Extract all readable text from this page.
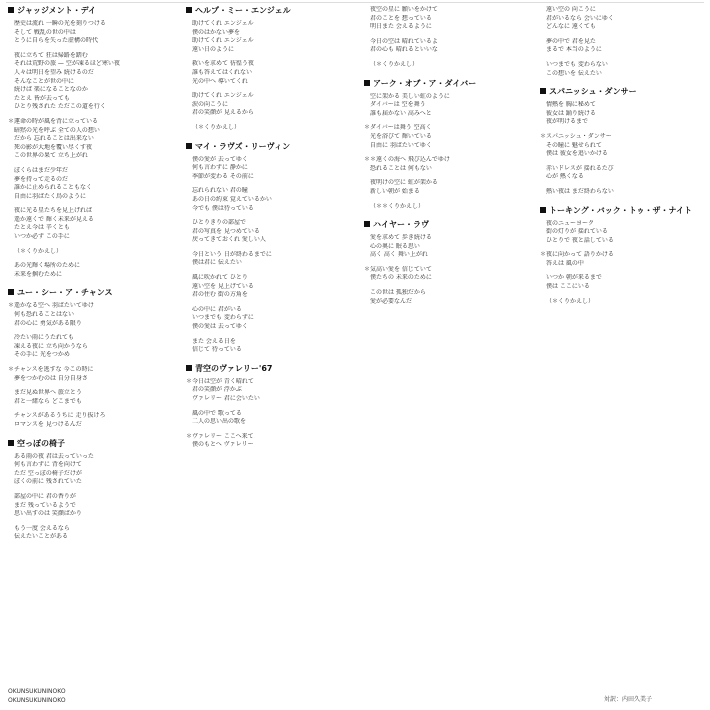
ジャッジメント・デイ
歴史は流れ 一瞬の光を刻りつける
そして 戦乱の世の中は
とうに自らを失った虚構の時代
夜に立ちて 狂は帰路を踏む
それは荒野の旅 — 空が凍るほど寒い夜
人々は明日を望み 続けるのだ
そんなことが世の中に
続けば 楽になることなのか
たとえ 皆が去っても
ひとり残された ただこの道を行く
＊運命の時が風を背に立っている
暗黙の光を呼ぶ 全ての人の想い
だから 忘れることは出来ない
死の影が大地を覆い尽くす夜
この世界の果て 立ち上がれ
ぼくらはまだ少年だ
夢を持って走るのだ
誰かに止められることもなく
自由に羽ばたく鳥のように
夜に光る星たちを見上げれば
遥か遠くで 輝く未来が見える
たとえ今は 辛くとも
いつか必ず この手に
（＊くりかえし）
あの光輝く場所のために
未来を掴むために
ユー・シー・ア・チャンス
＊遥かなる空へ 羽ばたいてゆけ
何も恐れることはない
君の心に 勇気がある限り
冷たい雨にうたれても
凍える夜に 立ち向かうなら
その手に 光をつかめ
＊チャンスを逃すな 今この時に
夢をつかむのは 自分自身さ
まだ見ぬ世界へ 旅立とう
君と一緒なら どこまでも
チャンスがあるうちに 走り抜けろ
ロマンスを 見つけるんだ
空っぽの椅子
ある雨の夜 君は去っていった
何も言わずに 背を向けて
ただ 空っぽの椅子だけが
ぼくの前に 残されていた
部屋の中に 君の香りが
まだ 残っているようで
思い出すのは 笑顔ばかり
もう一度 会えるなら
伝えたいことがある
ヘルプ・ミー・エンジェル
助けてくれ エンジェル
僕のはかない夢を
助けてくれ エンジェル
遠い日のように
救いを求めて 彷徨う夜
誰も答えてはくれない
光の中へ 導いてくれ
助けてくれ エンジェル
涙の向こうに
君の笑顔が 見えるから
（＊くりかえし）
マイ・ラヴズ・リーヴィン
僕の愛が 去ってゆく
何も言わずに 静かに
季節が変わる その前に
忘れられない 君の瞳
あの日の約束 覚えているかい
今でも 僕は待っている
ひとりきりの部屋で
君の写真を 見つめている
戻ってきておくれ 愛しい人
今日という 日が終わるまでに
僕は君に 伝えたい
風に吹かれて ひとり
遠い空を 見上げている
君の住む 街の方角を
心の中に 君がいる
いつまでも 変わらずに
僕の愛は 去ってゆく
また 会える日を
信じて 待っている
青空のヴァレリー'67
＊今日は空が 青く晴れて
君の笑顔が 浮かぶ
ヴァレリー 君に会いたい
風の中で 歌ってる
二人の思い出の歌を
＊ヴァレリー ここへ来て
僕のもとへ ヴァレリー
夜空の星に 願いをかけて
君のことを 想っている
明日また 会えるように
今日の空は 晴れているよ
君の心も 晴れるといいな
（＊くりかえし）
アーク・オブ・ア・ダイバー
空に架かる 美しい虹のように
ダイバーは 空を舞う
誰も届かない 高みへと
＊ダイバーは舞う 空高く
光を浴びて 輝いている
自由に 羽ばたいてゆく
＊＊遠くの海へ 飛び込んでゆけ
恐れることは 何もない
夜明けの空に 虹が架かる
新しい朝が 始まる
（＊＊くりかえし）
ハイヤー・ラヴ
愛を求めて 歩き続ける
心の奥に 眠る思い
高く 高く 舞い上がれ
＊気高い愛を 信じていて
僕たちの 未来のために
この世は 孤独だから
愛が必要なんだ
遠い空の 向こうに
君がいるなら 会いにゆく
どんなに 遠くても
夢の中で 君を見た
まるで 本当のように
いつまでも 変わらない
この想いを 伝えたい
スパニッシュ・ダンサー
情熱を 胸に秘めて
彼女は 踊り続ける
夜が明けるまで
＊スパニッシュ・ダンサー
その瞳に 魅せられて
僕は 彼女を追いかける
赤いドレスが 揺れるたび
心が 熱くなる
熱い夜は まだ終わらない
トーキング・バック・トゥ・ザ・ナイト
夜のニューヨーク
街の灯りが 揺れている
ひとりで 夜と話している
＊夜に向かって 語りかける
答えは 風の中
いつか 朝が来るまで
僕は ここにいる
（＊くりかえし）
OKUNSUKUNINOKO
OKUNSUKUNINOKO	対訳：内田久美子
